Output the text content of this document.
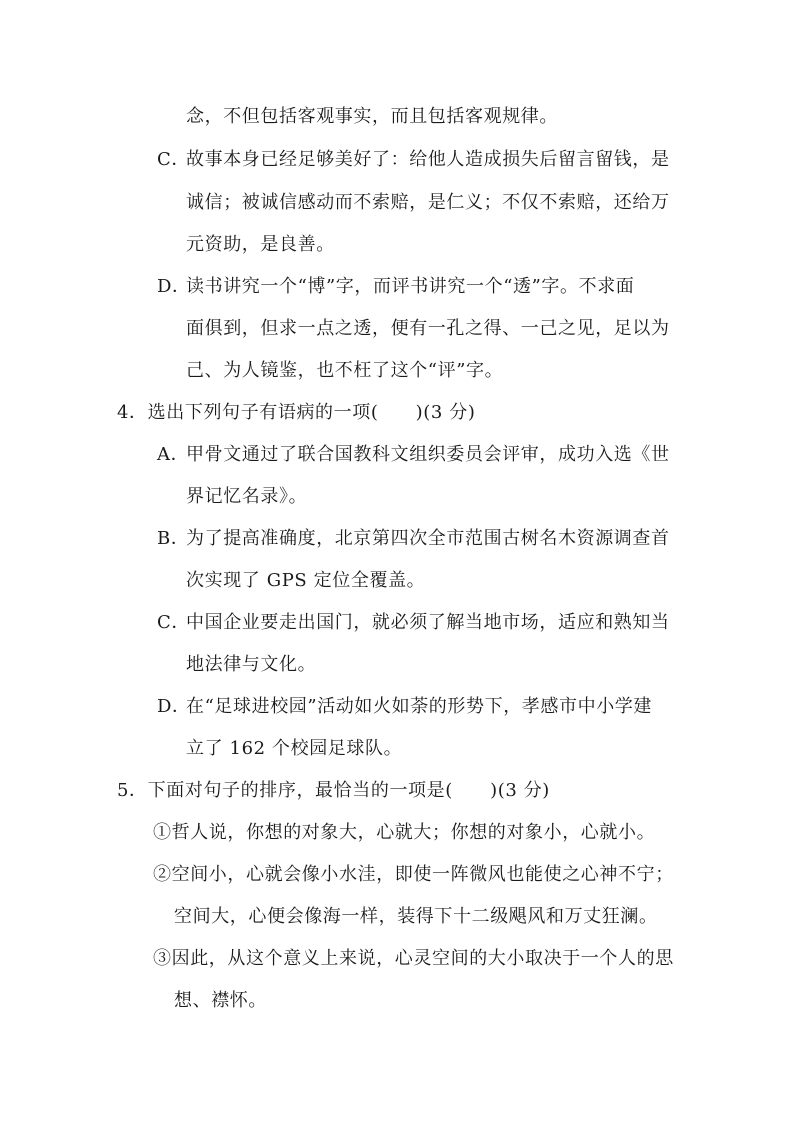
念，不但包括客观事实，而且包括客观规律。
C．
故事本身已经足够美好了：给他人造成损失后留言留钱，是
诚信；被诚信感动而不索赔，是仁义；不仅不索赔，还给万
元资助，是良善。
D．
读书讲究一个“博”字，而评书讲究一个“透”字。不求面
面俱到，但求一点之透，便有一孔之得、一己之见，足以为
己、为人镜鉴，也不枉了这个“评”字。
4．选出下列句子有语病的一项(　　)(3 分)
A．
甲骨文通过了联合国教科文组织委员会评审，成功入选《世
界记忆名录》。
B．
为了提高准确度，北京第四次全市范围古树名木资源调查首
次实现了 GPS 定位全覆盖。
C．
中国企业要走出国门，就必须了解当地市场，适应和熟知当
地法律与文化。
D．
在“足球进校园”活动如火如荼的形势下，孝感市中小学建
立了 162 个校园足球队。
5．下面对句子的排序，最恰当的一项是(　　)(3 分)
①哲人说，你想的对象大，心就大；你想的对象小，心就小。
②空间小，心就会像小水洼，即使一阵微风也能使之心神不宁；
空间大，心便会像海一样，装得下十二级飓风和万丈狂澜。
③因此，从这个意义上来说，心灵空间的大小取决于一个人的思
想、襟怀。
